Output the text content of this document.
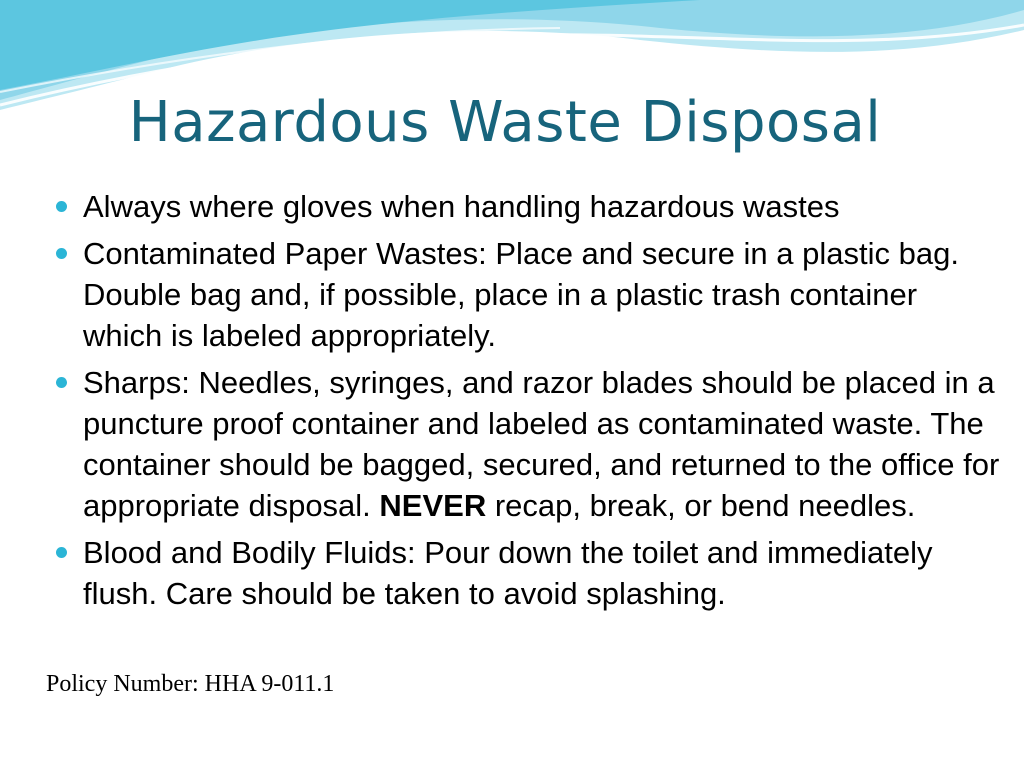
Hazardous Waste Disposal
Always where gloves when handling hazardous wastes
Contaminated Paper Wastes: Place and secure in a plastic bag. Double bag and, if possible, place in a plastic trash container which is labeled appropriately.
Sharps: Needles, syringes, and razor blades should be placed in a puncture proof container and labeled as contaminated waste. The container should be bagged, secured, and returned to the office for appropriate disposal. NEVER recap, break, or bend needles.
Blood and Bodily Fluids: Pour down the toilet and immediately flush. Care should be taken to avoid splashing.

Policy Number: HHA 9-011.1
